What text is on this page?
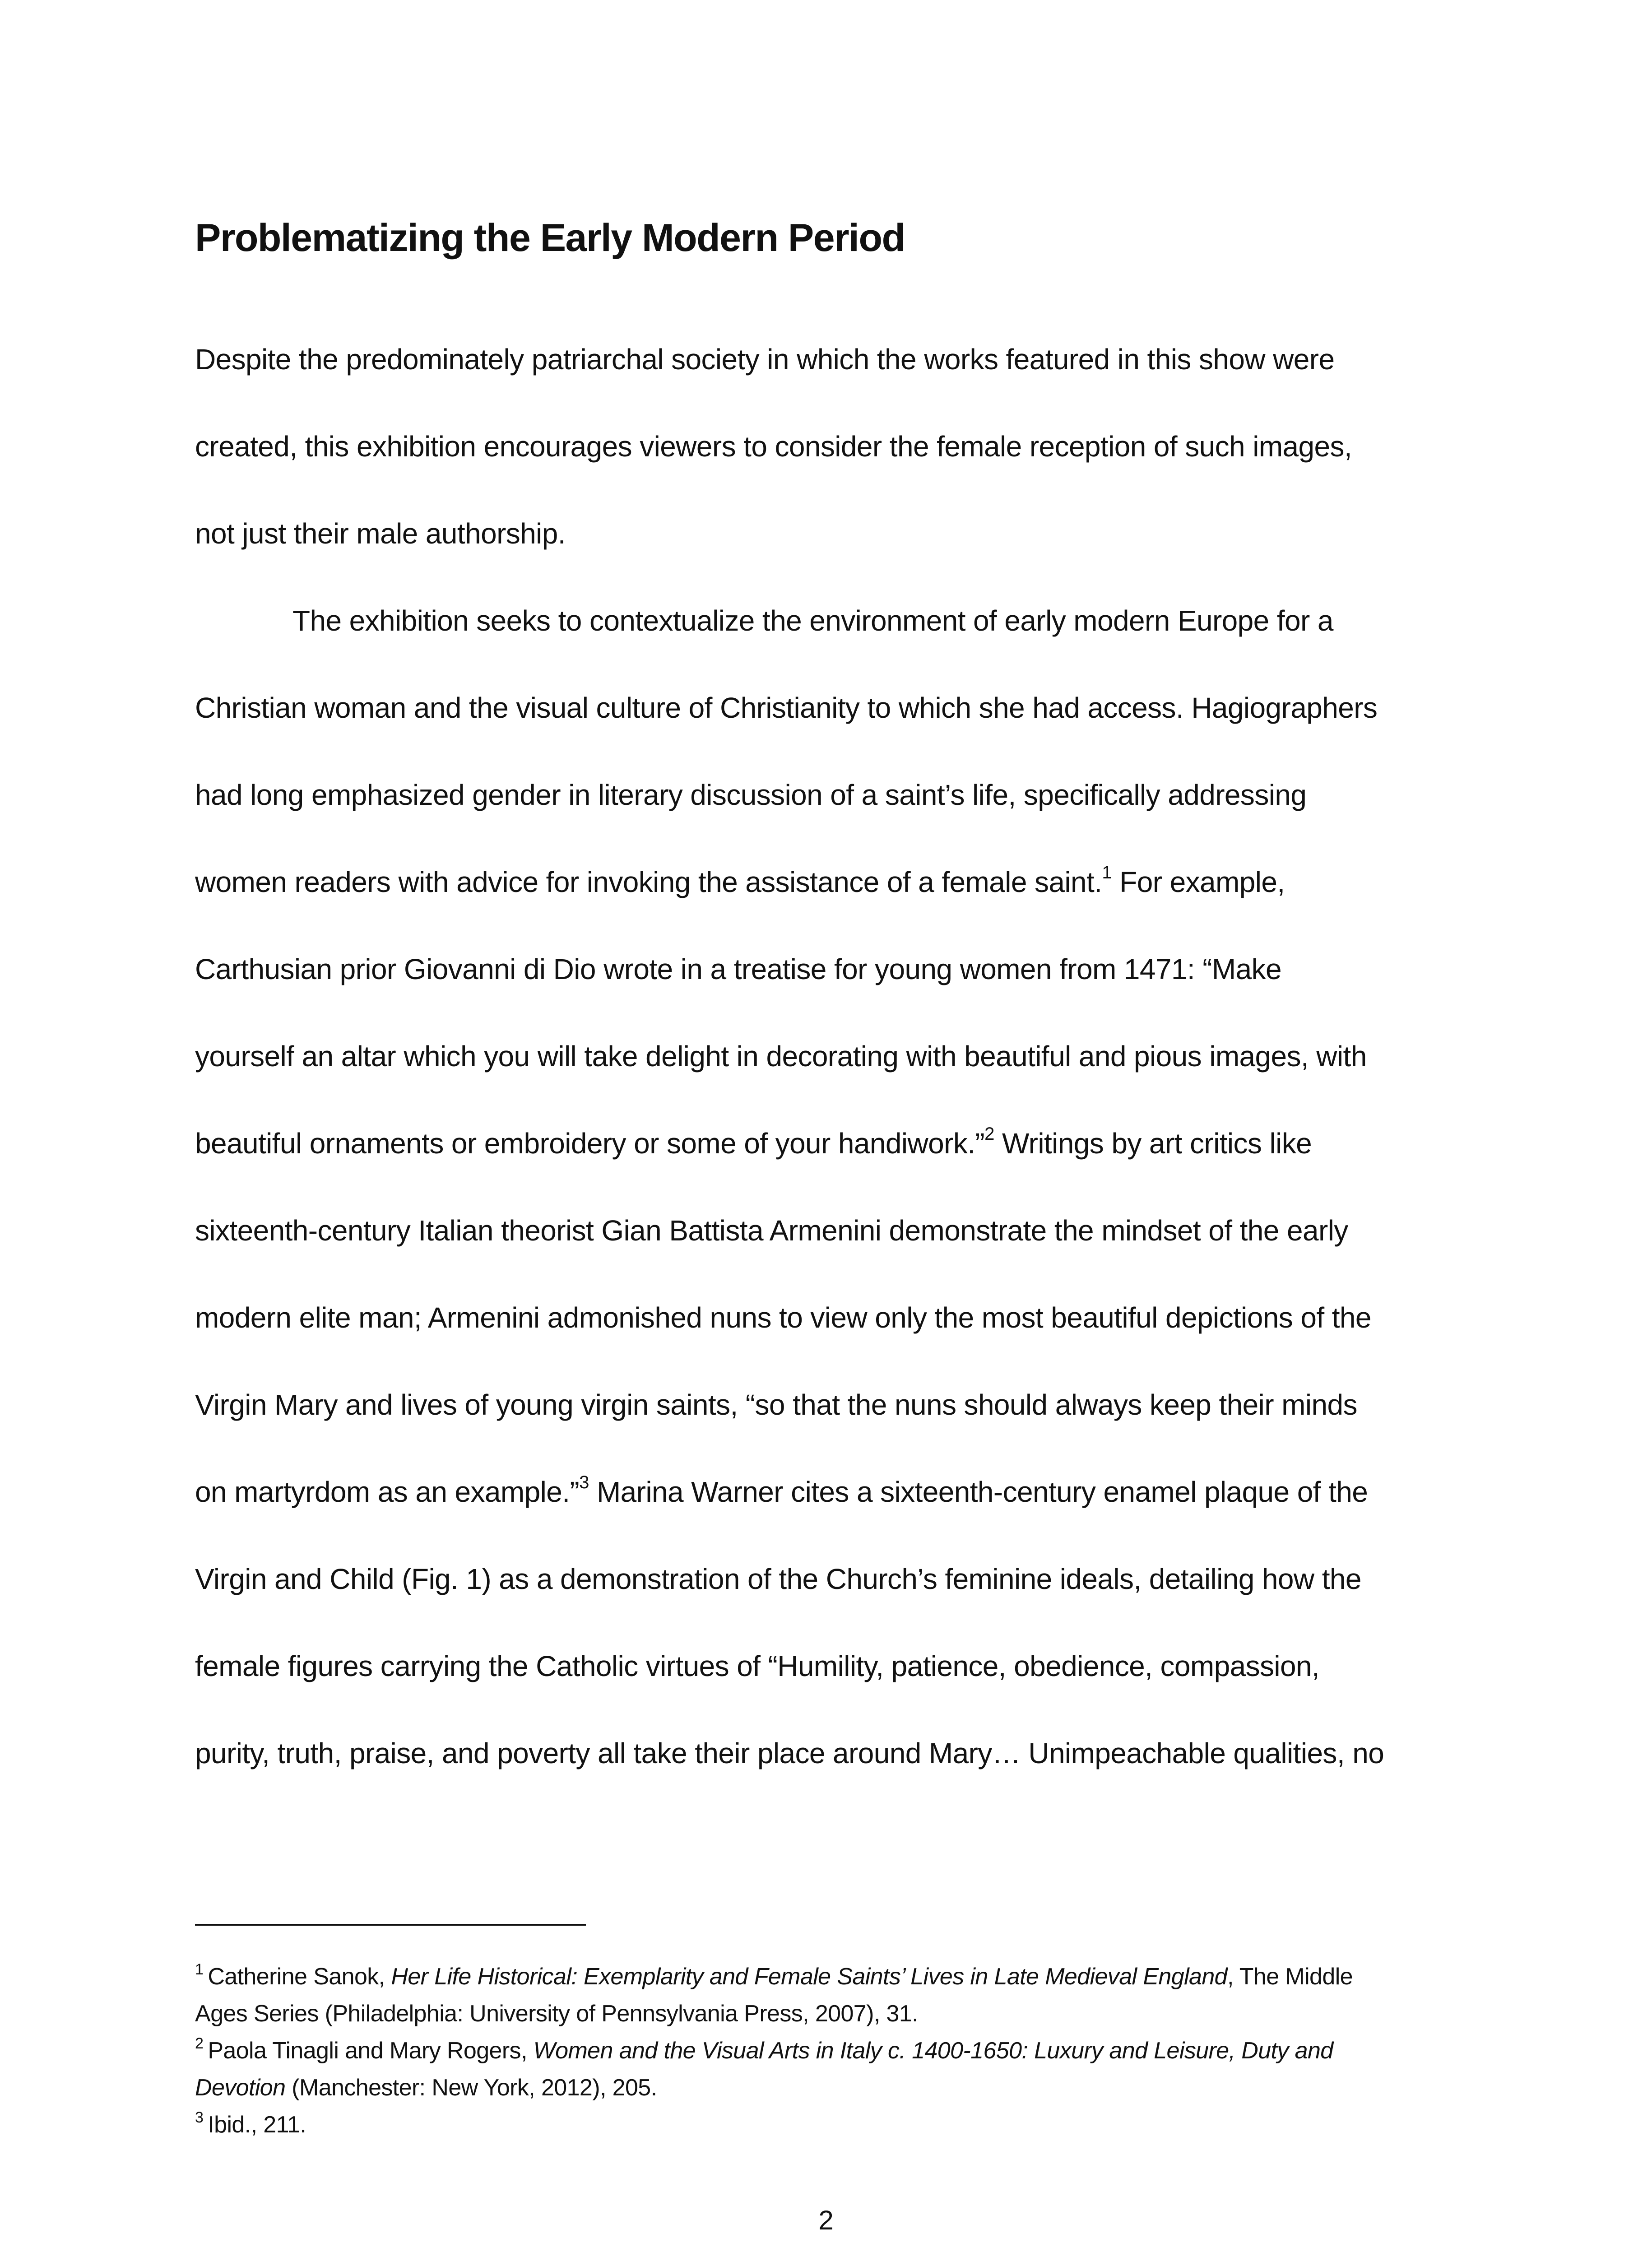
Problematizing the Early Modern Period
Despite the predominately patriarchal society in which the works featured in this show were
created, this exhibition encourages viewers to consider the female reception of such images,
not just their male authorship.
The exhibition seeks to contextualize the environment of early modern Europe for a
Christian woman and the visual culture of Christianity to which she had access. Hagiographers
had long emphasized gender in literary discussion of a saint’s life, specifically addressing
women readers with advice for invoking the assistance of a female saint.$^1$ For example,
Carthusian prior Giovanni di Dio wrote in a treatise for young women from 1471: “Make
yourself an altar which you will take delight in decorating with beautiful and pious images, with
beautiful ornaments or embroidery or some of your handiwork.”$^2$ Writings by art critics like
sixteenth-century Italian theorist Gian Battista Armenini demonstrate the mindset of the early
modern elite man; Armenini admonished nuns to view only the most beautiful depictions of the
Virgin Mary and lives of young virgin saints, “so that the nuns should always keep their minds
on martyrdom as an example.”$^3$ Marina Warner cites a sixteenth-century enamel plaque of the
Virgin and Child (Fig. 1) as a demonstration of the Church’s feminine ideals, detailing how the
female figures carrying the Catholic virtues of “Humility, patience, obedience, compassion,
purity, truth, praise, and poverty all take their place around Mary… Unimpeachable qualities, no
$^1$ Catherine Sanok, Her Life Historical: Exemplarity and Female Saints’ Lives in Late Medieval England, The Middle
Ages Series (Philadelphia: University of Pennsylvania Press, 2007), 31.
$^2$ Paola Tinagli and Mary Rogers, Women and the Visual Arts in Italy c. 1400-1650: Luxury and Leisure, Duty and
Devotion (Manchester: New York, 2012), 205.
$^3$ Ibid., 211.
2
